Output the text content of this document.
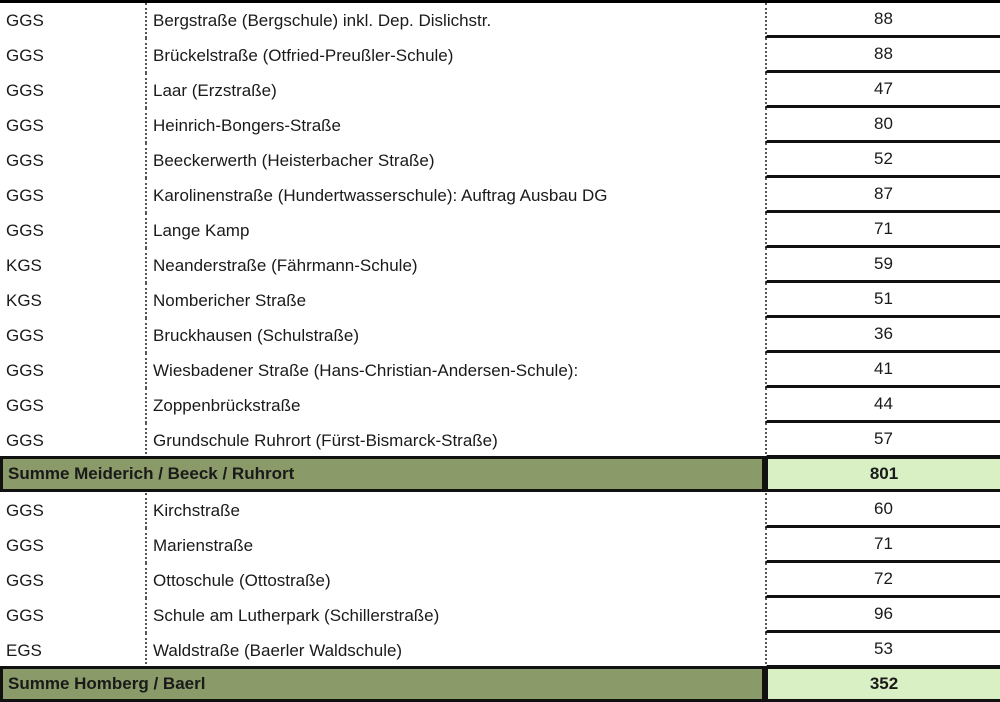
GGS	Bergstraße (Bergschule) inkl. Dep. Dislichstr.	88
GGS	Brückelstraße (Otfried-Preußler-Schule)	88
GGS	Laar (Erzstraße)	47
GGS	Heinrich-Bongers-Straße	80
GGS	Beeckerwerth (Heisterbacher Straße)	52
GGS	Karolinenstraße (Hundertwasserschule): Auftrag Ausbau DG	87
GGS	Lange Kamp	71
KGS	Neanderstraße (Fährmann-Schule)	59
KGS	Nombericher Straße	51
GGS	Bruckhausen (Schulstraße)	36
GGS	Wiesbadener Straße (Hans-Christian-Andersen-Schule):	41
GGS	Zoppenbrückstraße	44
GGS	Grundschule Ruhrort (Fürst-Bismarck-Straße)	57
Summe Meiderich / Beeck / Ruhrort	801
GGS	Kirchstraße	60
GGS	Marienstraße	71
GGS	Ottoschule (Ottostraße)	72
GGS	Schule am Lutherpark (Schillerstraße)	96
EGS	Waldstraße (Baerler Waldschule)	53
Summe Homberg / Baerl	352
